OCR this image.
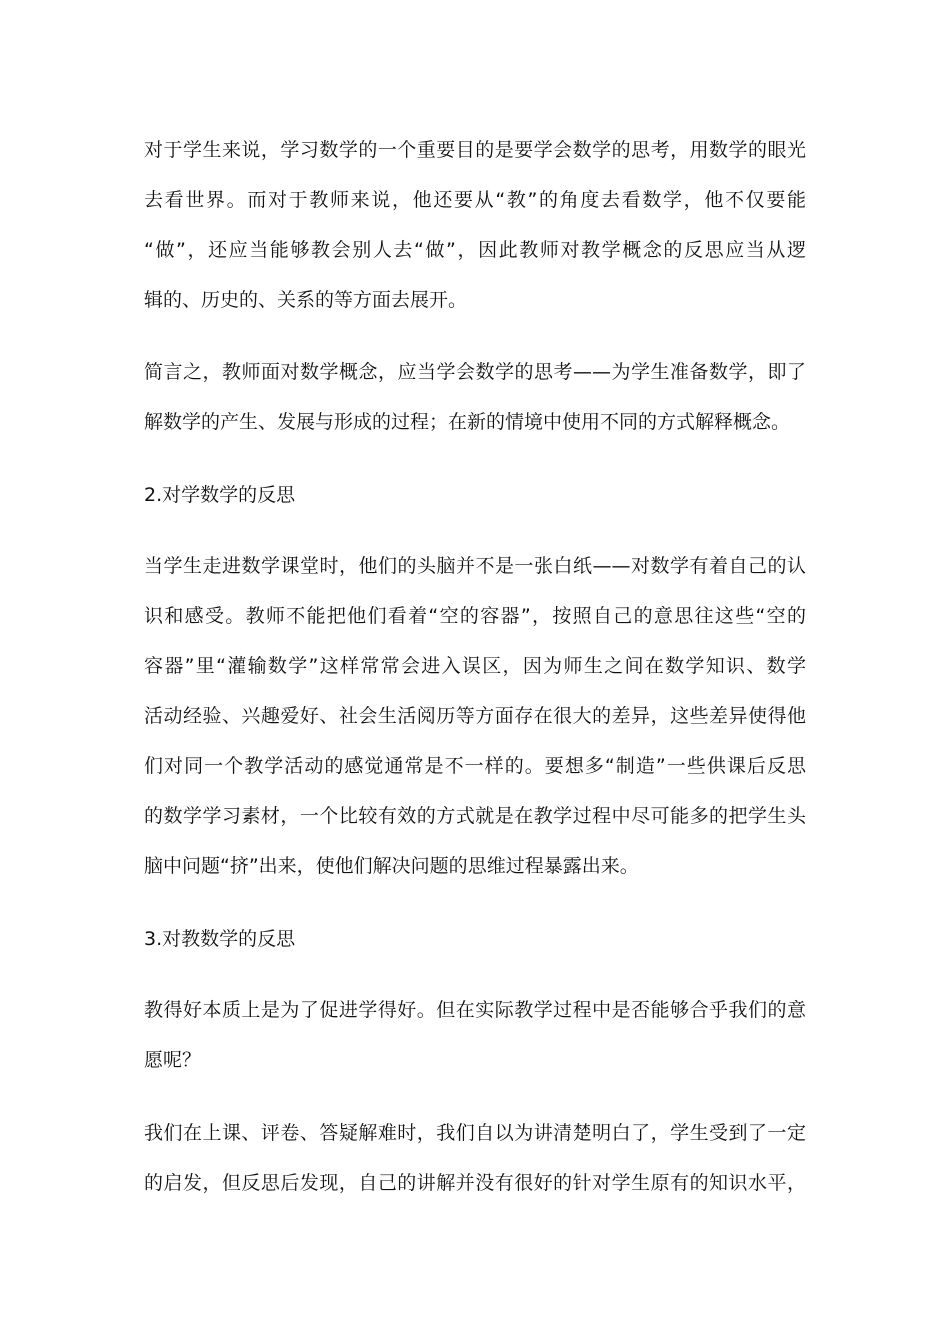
对于学生来说，学习数学的一个重要目的是要学会数学的思考，用数学的眼光
去看世界。而对于教师来说，他还要从“教”的角度去看数学，他不仅要能
“做”，还应当能够教会别人去“做”，因此教师对教学概念的反思应当从逻
辑的、历史的、关系的等方面去展开。
简言之，教师面对数学概念，应当学会数学的思考——为学生准备数学，即了
解数学的产生、发展与形成的过程；在新的情境中使用不同的方式解释概念。
2.对学数学的反思
当学生走进数学课堂时，他们的头脑并不是一张白纸——对数学有着自己的认
识和感受。教师不能把他们看着“空的容器”，按照自己的意思往这些“空的
容器”里“灌输数学”这样常常会进入误区，因为师生之间在数学知识、数学
活动经验、兴趣爱好、社会生活阅历等方面存在很大的差异，这些差异使得他
们对同一个教学活动的感觉通常是不一样的。要想多“制造”一些供课后反思
的数学学习素材，一个比较有效的方式就是在教学过程中尽可能多的把学生头
脑中问题“挤”出来，使他们解决问题的思维过程暴露出来。
3.对教数学的反思
教得好本质上是为了促进学得好。但在实际教学过程中是否能够合乎我们的意
愿呢？
我们在上课、评卷、答疑解难时，我们自以为讲清楚明白了，学生受到了一定
的启发，但反思后发现，自己的讲解并没有很好的针对学生原有的知识水平，
